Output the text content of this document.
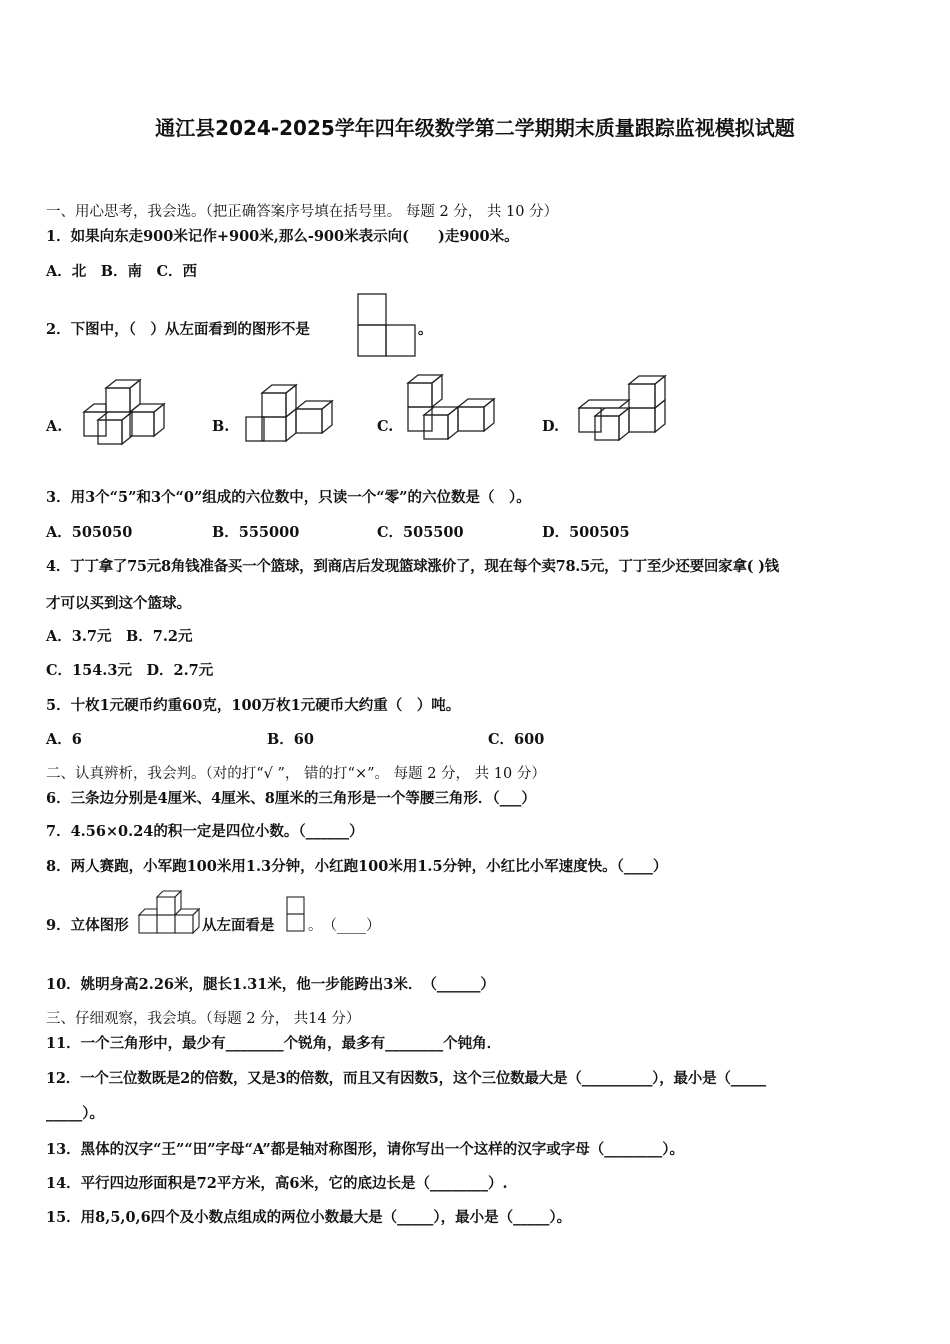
通江县2024-2025学年四年级数学第二学期期末质量跟踪监视模拟试题
一、用心思考，我会选。（把正确答案序号填在括号里。 每题 2 分， 共 10 分）
1．如果向东走900米记作+900米,那么-900米表示向(　　)走900米。
A．北　B．南　C．西
2．下图中，（　）从左面看到的图形不是	。
A.	B.	C.	D.
3．用3个“5”和3个“0”组成的六位数中，只读一个“零”的六位数是（　）。
A．505050	B．555000	C．505500	D．500505
4．丁丁拿了75元8角钱准备买一个篮球，到商店后发现篮球涨价了，现在每个卖78.5元，丁丁至少还要回家拿( )钱
才可以买到这个篮球。
A．3.7元　B．7.2元
C．154.3元　D．2.7元
5．十枚1元硬币约重60克，100万枚1元硬币大约重（　）吨。
A．6	B．60	C．600
二、认真辨析，我会判。（对的打“√ ”， 错的打“×”。 每题 2 分， 共 10 分）
6．三条边分别是4厘米、4厘米、8厘米的三角形是一个等腰三角形．（___）
7．4.56×0.24的积一定是四位小数。（______）
8．两人赛跑，小军跑100米用1.3分钟，小红跑100米用1.5分钟，小红比小军速度快。（____）
9．立体图形	从左面看是 。　（____）
10．姚明身高2.26米，腿长1.31米，他一步能跨出3米．　（______）
三、仔细观察，我会填。（每题 2 分， 共14 分）
11．一个三角形中，最少有________个锐角，最多有________个钝角．
12．一个三位数既是2的倍数，又是3的倍数，而且又有因数5，这个三位数最大是（__________），最小是（_____
_____）。
13．黑体的汉字“王”“田”字母“A”都是轴对称图形，请你写出一个这样的汉字或字母（________）。
14．平行四边形面积是72平方米，高6米，它的底边长是（________）.
15．用8,5,0,6四个及小数点组成的两位小数最大是（_____），最小是（_____）。
